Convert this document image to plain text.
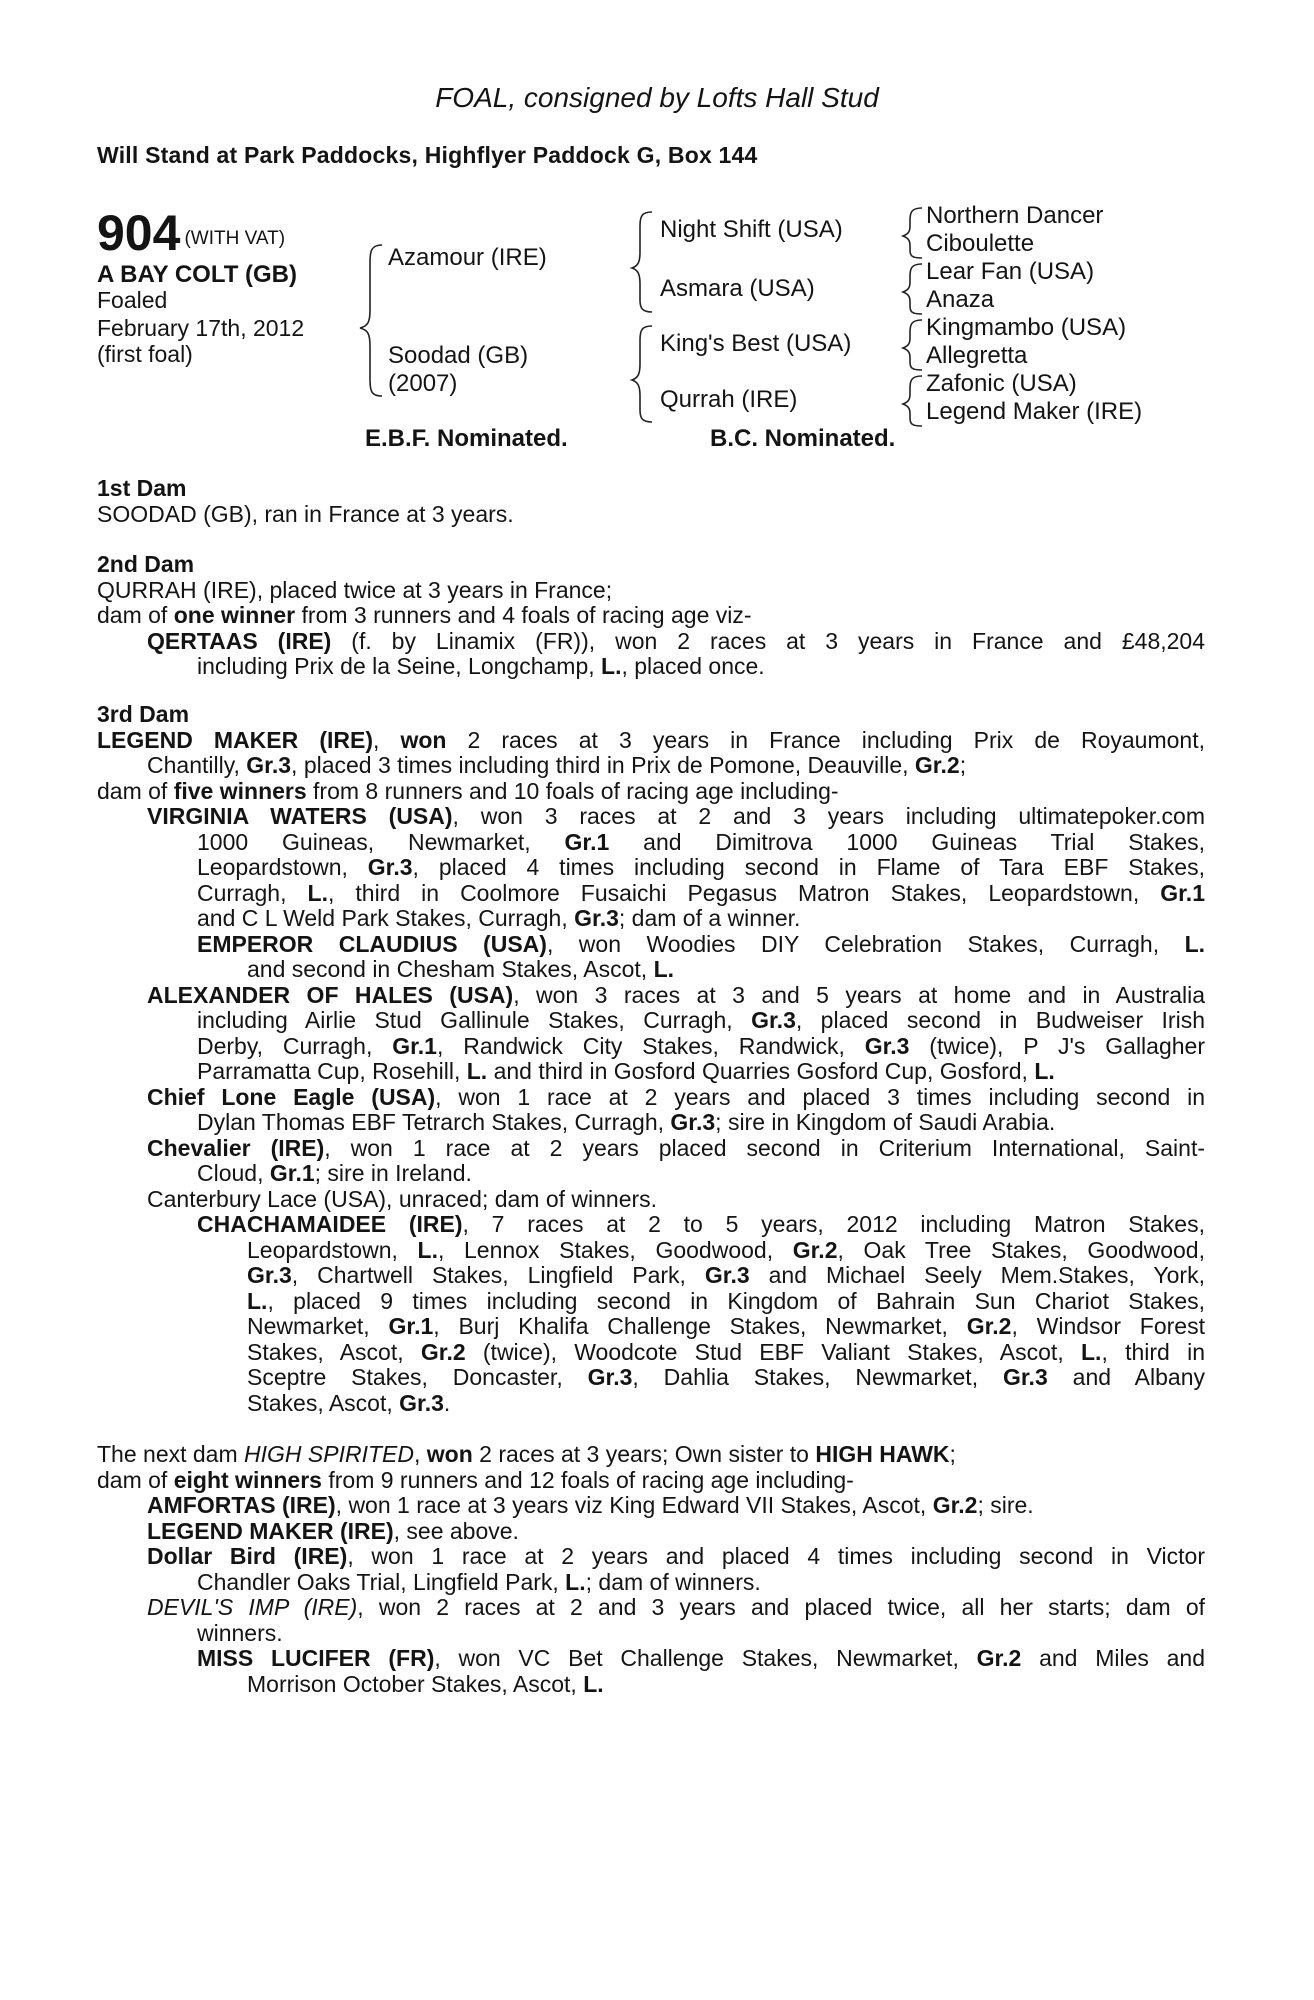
FOAL, consigned by Lofts Hall Stud
Will Stand at Park Paddocks, Highflyer Paddock G, Box 144
904 $^{(WITH VAT)}$
A BAY COLT (GB)
Foaled
February 17th, 2012
(first foal)
Azamour (IRE)
Soodad (GB)
(2007)
Night Shift (USA)
Asmara (USA)
King's Best (USA)
Qurrah (IRE)
Northern Dancer
Ciboulette
Lear Fan (USA)
Anaza
Kingmambo (USA)
Allegretta
Zafonic (USA)
Legend Maker (IRE)
E.B.F. Nominated.	B.C. Nominated.
1st Dam
SOODAD (GB), ran in France at 3 years.
2nd Dam
QURRAH (IRE), placed twice at 3 years in France;
dam of one winner from 3 runners and 4 foals of racing age viz-
QERTAAS (IRE) (f. by Linamix (FR)), won 2 races at 3 years in France and £48,204
including Prix de la Seine, Longchamp, L., placed once.
3rd Dam
LEGEND MAKER (IRE), won 2 races at 3 years in France including Prix de Royaumont,
Chantilly, Gr.3, placed 3 times including third in Prix de Pomone, Deauville, Gr.2;
dam of five winners from 8 runners and 10 foals of racing age including-
VIRGINIA WATERS (USA), won 3 races at 2 and 3 years including ultimatepoker.com
1000 Guineas, Newmarket, Gr.1 and Dimitrova 1000 Guineas Trial Stakes,
Leopardstown, Gr.3, placed 4 times including second in Flame of Tara EBF Stakes,
Curragh, L., third in Coolmore Fusaichi Pegasus Matron Stakes, Leopardstown, Gr.1
and C L Weld Park Stakes, Curragh, Gr.3; dam of a winner.
EMPEROR CLAUDIUS (USA), won Woodies DIY Celebration Stakes, Curragh, L.
and second in Chesham Stakes, Ascot, L.
ALEXANDER OF HALES (USA), won 3 races at 3 and 5 years at home and in Australia
including Airlie Stud Gallinule Stakes, Curragh, Gr.3, placed second in Budweiser Irish
Derby, Curragh, Gr.1, Randwick City Stakes, Randwick, Gr.3 (twice), P J's Gallagher
Parramatta Cup, Rosehill, L. and third in Gosford Quarries Gosford Cup, Gosford, L.
Chief Lone Eagle (USA), won 1 race at 2 years and placed 3 times including second in
Dylan Thomas EBF Tetrarch Stakes, Curragh, Gr.3; sire in Kingdom of Saudi Arabia.
Chevalier (IRE), won 1 race at 2 years placed second in Criterium International, Saint-
Cloud, Gr.1; sire in Ireland.
Canterbury Lace (USA), unraced; dam of winners.
CHACHAMAIDEE (IRE), 7 races at 2 to 5 years, 2012 including Matron Stakes,
Leopardstown, L., Lennox Stakes, Goodwood, Gr.2, Oak Tree Stakes, Goodwood,
Gr.3, Chartwell Stakes, Lingfield Park, Gr.3 and Michael Seely Mem.Stakes, York,
L., placed 9 times including second in Kingdom of Bahrain Sun Chariot Stakes,
Newmarket, Gr.1, Burj Khalifa Challenge Stakes, Newmarket, Gr.2, Windsor Forest
Stakes, Ascot, Gr.2 (twice), Woodcote Stud EBF Valiant Stakes, Ascot, L., third in
Sceptre Stakes, Doncaster, Gr.3, Dahlia Stakes, Newmarket, Gr.3 and Albany
Stakes, Ascot, Gr.3.
The next dam HIGH SPIRITED, won 2 races at 3 years; Own sister to HIGH HAWK;
dam of eight winners from 9 runners and 12 foals of racing age including-
AMFORTAS (IRE), won 1 race at 3 years viz King Edward VII Stakes, Ascot, Gr.2; sire.
LEGEND MAKER (IRE), see above.
Dollar Bird (IRE), won 1 race at 2 years and placed 4 times including second in Victor
Chandler Oaks Trial, Lingfield Park, L.; dam of winners.
DEVIL'S IMP (IRE), won 2 races at 2 and 3 years and placed twice, all her starts; dam of
winners.
MISS LUCIFER (FR), won VC Bet Challenge Stakes, Newmarket, Gr.2 and Miles and
Morrison October Stakes, Ascot, L.
